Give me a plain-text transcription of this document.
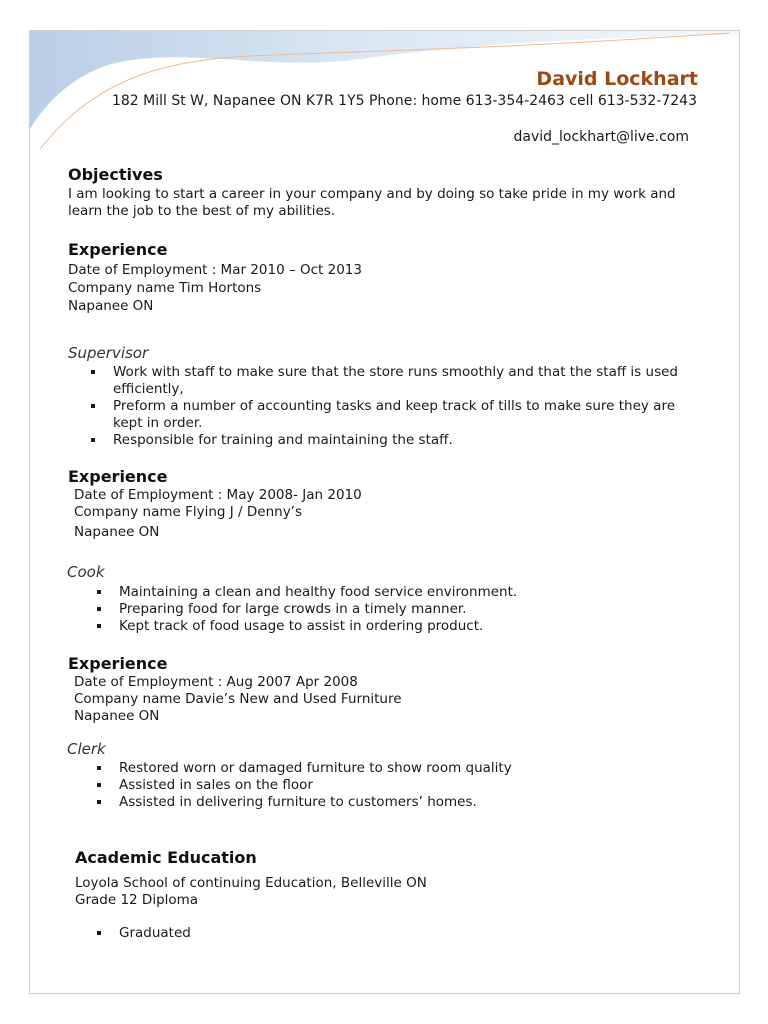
David Lockhart
182 Mill St W, Napanee ON K7R 1Y5 Phone: home 613-354-2463 cell 613-532-7243
david_lockhart@live.com
Objectives
I am looking to start a career in your company and by doing so take pride in my work and learn the job to the best of my abilities.
Experience
Date of Employment : Mar 2010 – Oct 2013
Company name Tim Hortons
Napanee ON
Supervisor
Work with staff to make sure that the store runs smoothly and that the staff is used efficiently,
Preform a number of accounting tasks and keep track of tills to make sure they are kept in order.
Responsible for training and maintaining the staff.
Experience
Date of Employment : May 2008- Jan 2010
Company name Flying J / Denny’s
Napanee ON
Cook
Maintaining a clean and healthy food service environment.
Preparing food for large crowds in a timely manner.
Kept track of food usage to assist in ordering product.
Experience
Date of Employment : Aug 2007 Apr 2008
Company name Davie’s New and Used Furniture
Napanee ON
Clerk
Restored worn or damaged furniture to show room quality
Assisted in sales on the floor
Assisted in delivering furniture to customers’ homes.
Academic Education
Loyola School of continuing Education, Belleville ON
Grade 12 Diploma
Graduated
